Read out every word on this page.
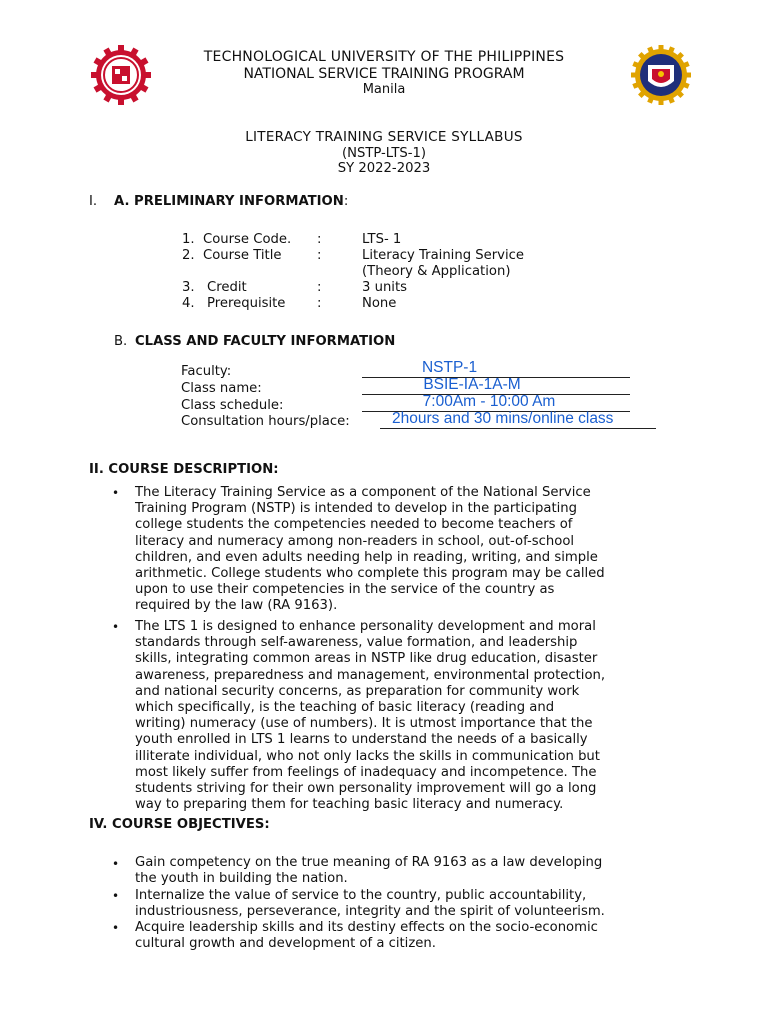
TECHNOLOGICAL UNIVERSITY OF THE PHILIPPINES
NATIONAL SERVICE TRAINING PROGRAM
Manila
LITERACY TRAINING SERVICE SYLLABUS
(NSTP-LTS-1)
SY 2022-2023
I. A. PRELIMINARY INFORMATION:
1. Course Code. :	LTS- 1
2. Course Title	:	Literacy Training Service
(Theory & Application)
3. Credit	:	3 units
4. Prerequisite :	None
B. CLASS AND FACULTY INFORMATION
Faculty:	NSTP-1
Class name:	BSIE-IA-1A-M
Class schedule:	7:00Am - 10:00 Am
Consultation hours/place:	2hours and 30 mins/online class
II. COURSE DESCRIPTION:
• The Literacy Training Service as a component of the National Service
Training Program (NSTP) is intended to develop in the participating
college students the competencies needed to become teachers of
literacy and numeracy among non-readers in school, out-of-school
children, and even adults needing help in reading, writing, and simple
arithmetic. College students who complete this program may be called
upon to use their competencies in the service of the country as
required by the law (RA 9163).
• The LTS 1 is designed to enhance personality development and moral
standards through self-awareness, value formation, and leadership
skills, integrating common areas in NSTP like drug education, disaster
awareness, preparedness and management, environmental protection,
and national security concerns, as preparation for community work
which specifically, is the teaching of basic literacy (reading and
writing) numeracy (use of numbers). It is utmost importance that the
youth enrolled in LTS 1 learns to understand the needs of a basically
illiterate individual, who not only lacks the skills in communication but
most likely suffer from feelings of inadequacy and incompetence. The
students striving for their own personality improvement will go a long
way to preparing them for teaching basic literacy and numeracy.
IV. COURSE OBJECTIVES:
• Gain competency on the true meaning of RA 9163 as a law developing
the youth in building the nation.
• Internalize the value of service to the country, public accountability,
industriousness, perseverance, integrity and the spirit of volunteerism.
• Acquire leadership skills and its destiny effects on the socio-economic
cultural growth and development of a citizen.
